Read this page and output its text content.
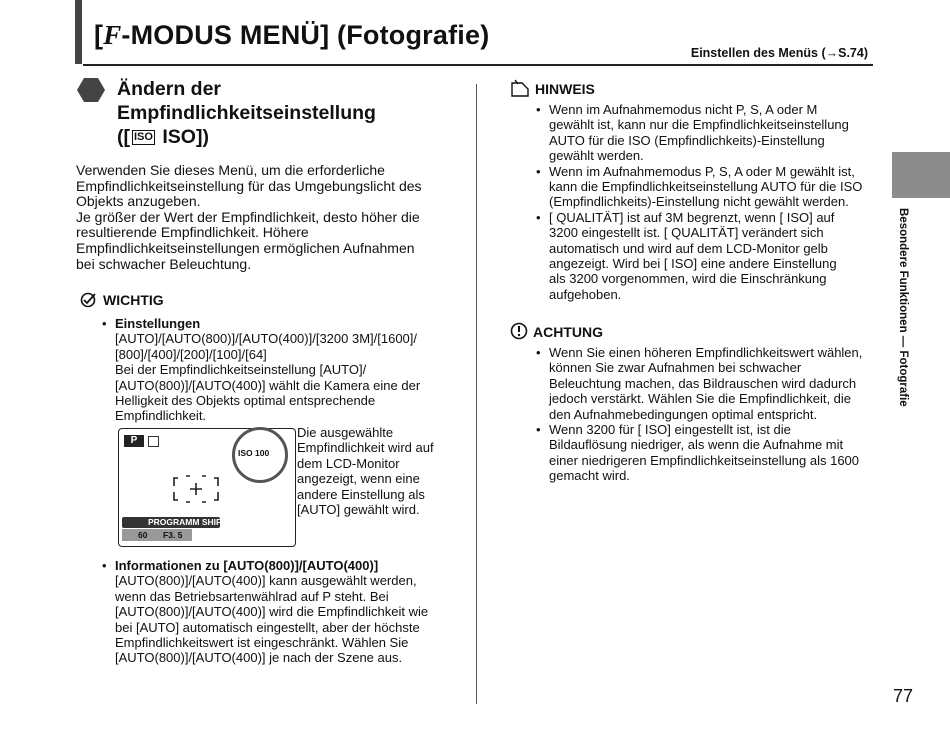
[F-MODUS MENÜ] (Fotografie)
Einstellen des Menüs (→S.74)
Besondere Funktionen — Fotografie
77
Ändern der
Empfindlichkeitseinstellung
([ ISO ISO])
Verwenden Sie dieses Menü, um die erforderliche
Empfindlichkeitseinstellung für das Umgebungslicht des
Objekts anzugeben.
Je größer der Wert der Empfindlichkeit, desto höher die
resultierende Empfindlichkeit. Höhere
Empfindlichkeitseinstellungen ermöglichen Aufnahmen
bei schwacher Beleuchtung.
WICHTIG
• Einstellungen
[AUTO]/[AUTO(800)]/[AUTO(400)]/[3200 3M]/[1600]/
[800]/[400]/[200]/[100]/[64]
Bei der Empfindlichkeitseinstellung [AUTO]/
[AUTO(800)]/[AUTO(400)] wählt die Kamera eine der
Helligkeit des Objekts optimal entsprechende
Empfindlichkeit.
P
ISO 100
PROGRAMM SHIFT
60 F3. 5
Die ausgewählte
Empfindlichkeit wird auf
dem LCD-Monitor
angezeigt, wenn eine
andere Einstellung als
[AUTO] gewählt wird.
• Informationen zu [AUTO(800)]/[AUTO(400)]
[AUTO(800)]/[AUTO(400)] kann ausgewählt werden,
wenn das Betriebsartenwählrad auf P steht. Bei
[AUTO(800)]/[AUTO(400)] wird die Empfindlichkeit wie
bei [AUTO] automatisch eingestellt, aber der höchste
Empfindlichkeitswert ist eingeschränkt. Wählen Sie
[AUTO(800)]/[AUTO(400)] je nach der Szene aus.
HINWEIS
• Wenn im Aufnahmemodus nicht P, S, A oder M
gewählt ist, kann nur die Empfindlichkeitseinstellung
AUTO für die ISO (Empfindlichkeits)-Einstellung
gewählt werden.
• Wenn im Aufnahmemodus P, S, A oder M gewählt ist,
kann die Empfindlichkeitseinstellung AUTO für die ISO
(Empfindlichkeits)-Einstellung nicht gewählt werden.
• [ QUALITÄT] ist auf 3M begrenzt, wenn [ ISO] auf
3200 eingestellt ist. [ QUALITÄT] verändert sich
automatisch und wird auf dem LCD-Monitor gelb
angezeigt. Wird bei [ ISO] eine andere Einstellung
als 3200 vorgenommen, wird die Einschränkung
aufgehoben.
ACHTUNG
• Wenn Sie einen höheren Empfindlichkeitswert wählen,
können Sie zwar Aufnahmen bei schwacher
Beleuchtung machen, das Bildrauschen wird dadurch
jedoch verstärkt. Wählen Sie die Empfindlichkeit, die
den Aufnahmebedingungen optimal entspricht.
• Wenn 3200 für [ ISO] eingestellt ist, ist die
Bildauflösung niedriger, als wenn die Aufnahme mit
einer niedrigeren Empfindlichkeitseinstellung als 1600
gemacht wird.
